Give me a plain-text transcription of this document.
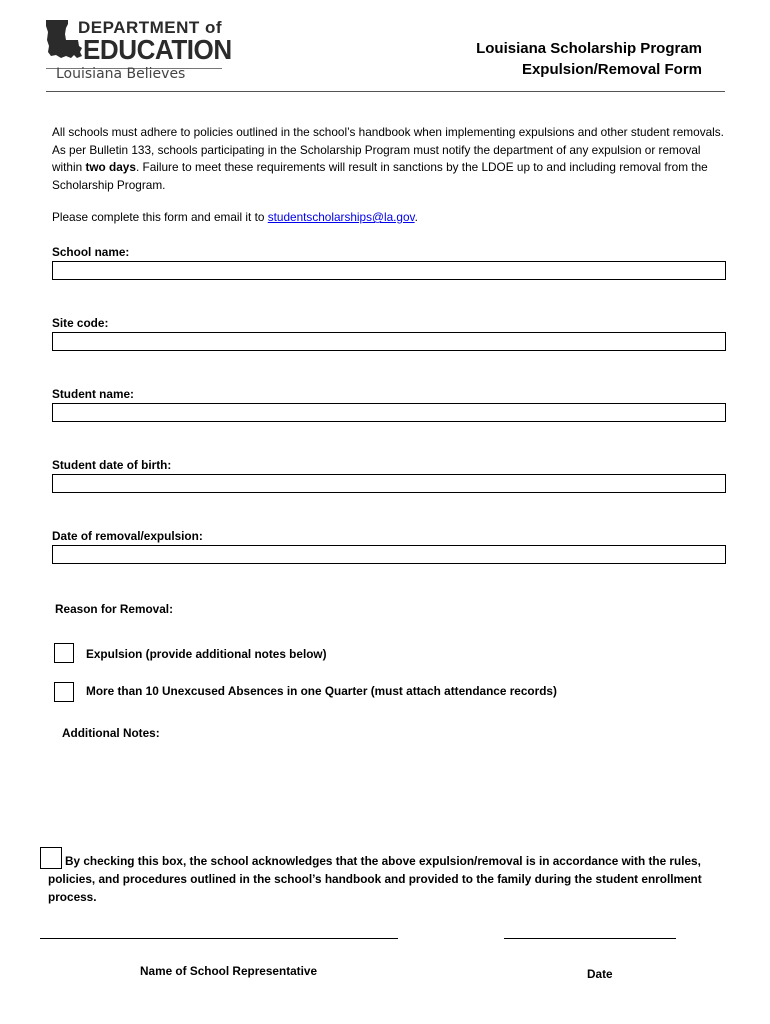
DEPARTMENT of
EDUCATION
Louisiana Believes
Louisiana Scholarship Program
Expulsion/Removal Form
All schools must adhere to policies outlined in the school’s handbook when implementing expulsions and other student removals. As per Bulletin 133, schools participating in the Scholarship Program must notify the department of any expulsion or removal within two days. Failure to meet these requirements will result in sanctions by the LDOE up to and including removal from the Scholarship Program.
Please complete this form and email it to studentscholarships@la.gov.
School name:
Site code:
Student name:
Student date of birth:
Date of removal/expulsion:
Reason for Removal:
Expulsion (provide additional notes below)
More than 10 Unexcused Absences in one Quarter (must attach attendance records)
Additional Notes:
By checking this box, the school acknowledges that the above expulsion/removal is in accordance with the rules, policies, and procedures outlined in the school’s handbook and provided to the family during the student enrollment process.
Name of School Representative	Date
